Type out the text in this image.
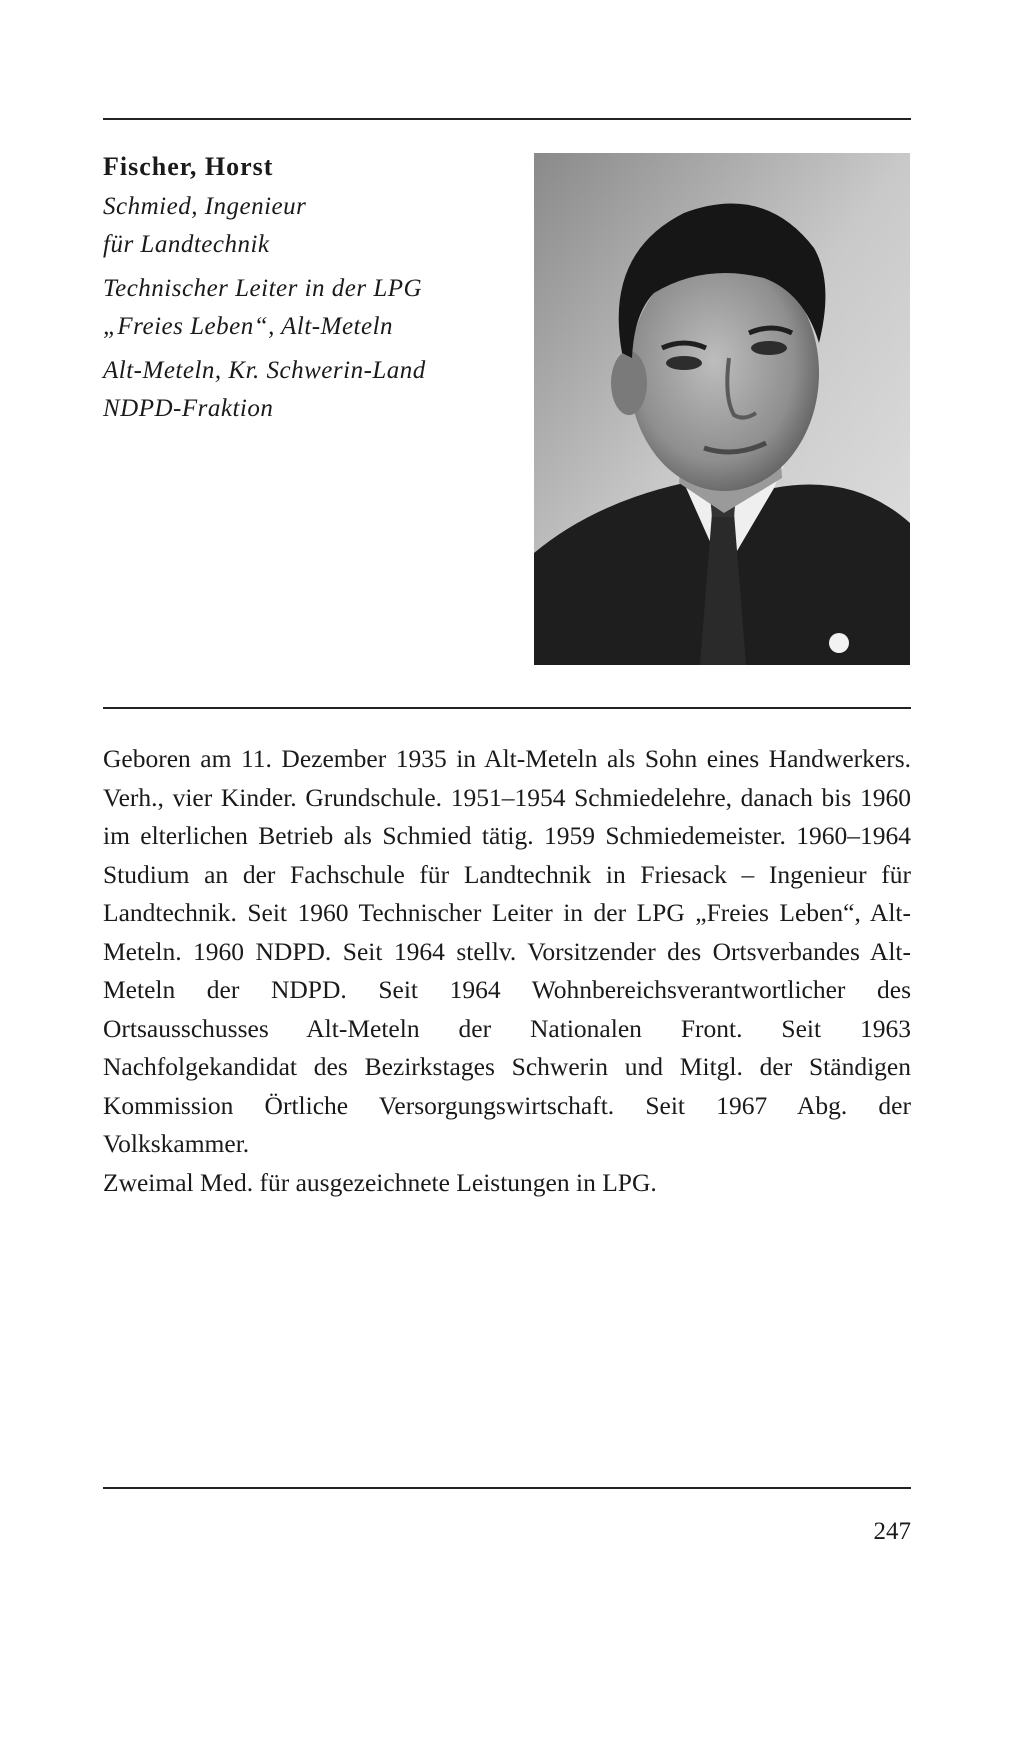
Fischer, Horst

Schmied, Ingenieur

für Landtechnik

Technischer Leiter in der LPG

„Freies Leben“, Alt-Meteln

Alt-Meteln, Kr. Schwerin-Land

NDPD-Fraktion

Geboren am 11. Dezember 1935 in Alt-Meteln als Sohn eines Handwerkers. Verh., vier Kinder. Grundschule. 1951–1954 Schmiedelehre, danach bis 1960 im elterlichen Betrieb als Schmied tätig. 1959 Schmiedemeister. 1960–1964 Studium an der Fachschule für Landtechnik in Friesack – Ingenieur für Landtechnik. Seit 1960 Technischer Leiter in der LPG „Freies Leben“, Alt-Meteln. 1960 NDPD. Seit 1964 stellv. Vorsitzender des Ortsverbandes Alt-Meteln der NDPD. Seit 1964 Wohnbereichsverantwortlicher des Ortsausschusses Alt-Meteln der Nationalen Front. Seit 1963 Nachfolgekandidat des Bezirkstages Schwerin und Mitgl. der Ständigen Kommission Örtliche Versorgungswirtschaft. Seit 1967 Abg. der Volkskammer.

Zweimal Med. für ausgezeichnete Leistungen in LPG.

247
